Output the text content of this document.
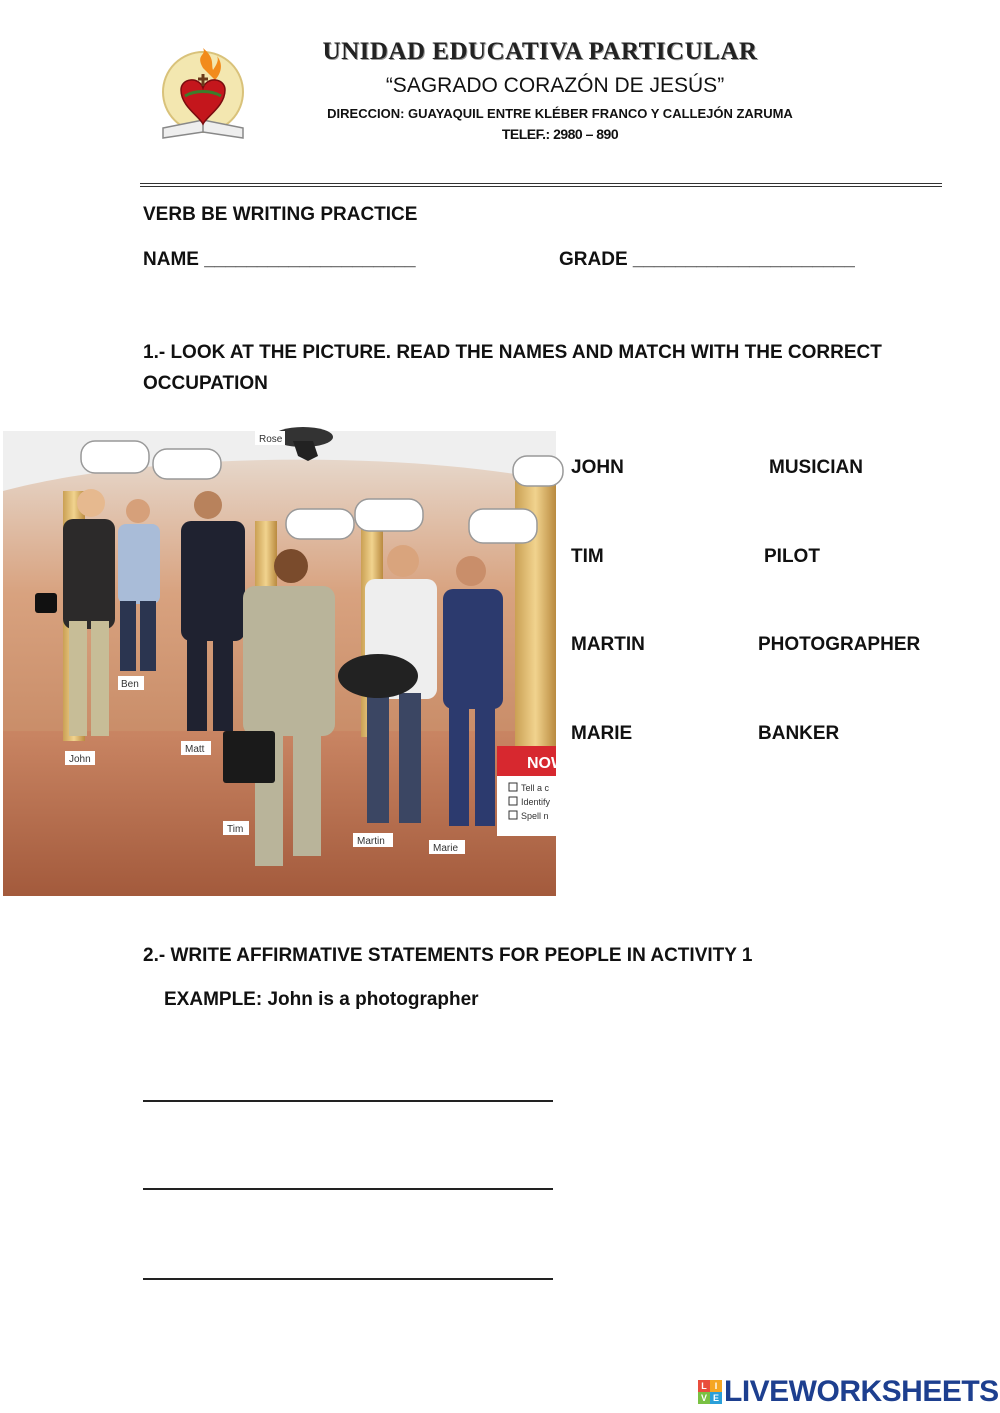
UNIDAD EDUCATIVA PARTICULAR
“SAGRADO CORAZÓN DE JESÚS”
DIRECCION: GUAYAQUIL ENTRE KLÉBER FRANCO Y CALLEJÓN ZARUMA
TELEF.: 2980 – 890
VERB BE WRITING PRACTICE
NAME ____________________	GRADE _____________________
1.- LOOK AT THE PICTURE. READ THE NAMES AND MATCH WITH THE CORRECT OCCUPATION
Rose
John
Ben
Matt
Tim
Martin
Marie
NOW
Tell a c
Identify
Spell n
JOHN	MUSICIAN
TIM	PILOT
MARTIN	PHOTOGRAPHER
MARIE	BANKER
2.- WRITE AFFIRMATIVE STATEMENTS FOR PEOPLE IN ACTIVITY 1
EXAMPLE: John is a photographer
L I
V E LIVEWORKSHEETS
